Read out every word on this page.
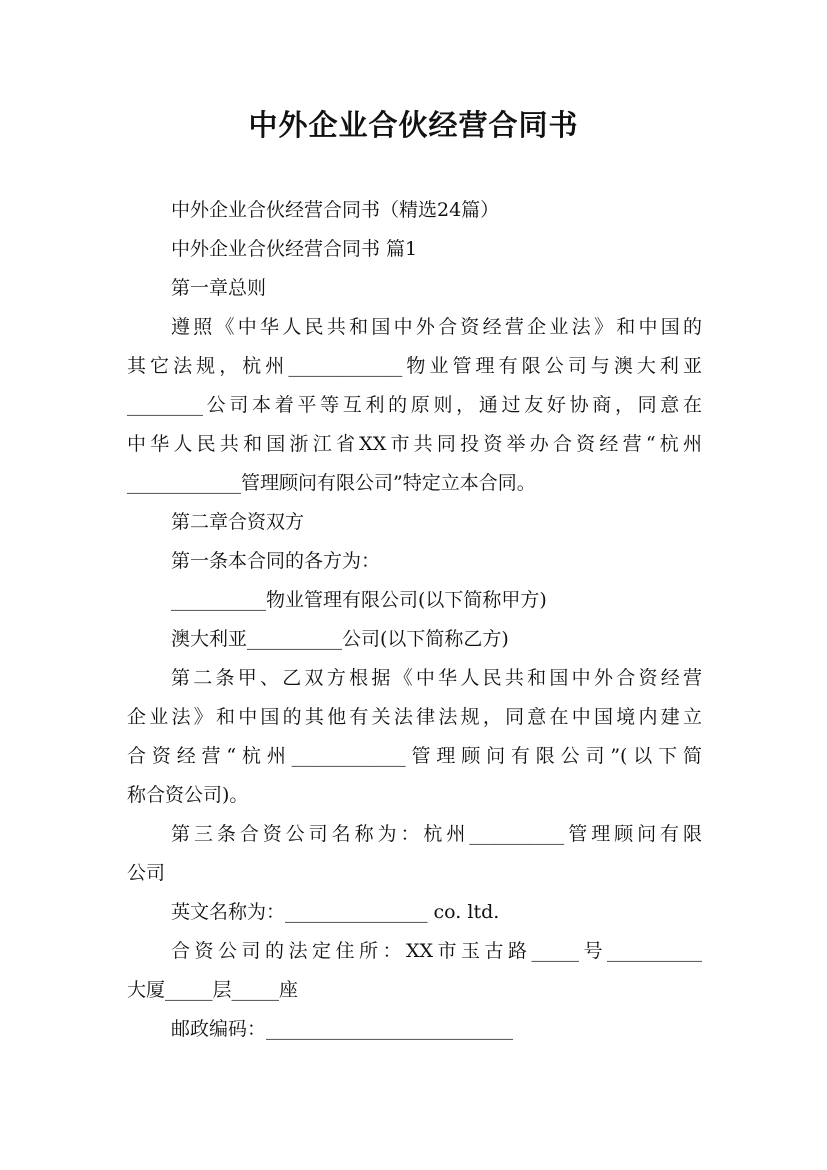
中外企业合伙经营合同书
中外企业合伙经营合同书（精选24篇）
中外企业合伙经营合同书 篇1
第一章总则
遵照《中华人民共和国中外合资经营企业法》和中国的
其它法规，杭州____________物业管理有限公司与澳大利亚
________公司本着平等互利的原则，通过友好协商，同意在
中华人民共和国浙江省XX市共同投资举办合资经营“杭州
____________管理顾问有限公司”特定立本合同。
第二章合资双方
第一条本合同的各方为：
__________物业管理有限公司(以下简称甲方)
澳大利亚__________公司(以下简称乙方)
第二条甲、乙双方根据《中华人民共和国中外合资经营
企业法》和中国的其他有关法律法规，同意在中国境内建立
合资经营“杭州____________管理顾问有限公司”(以下简
称合资公司)。
第三条合资公司名称为：杭州__________管理顾问有限
公司
英文名称为：_______________ co. ltd.
合资公司的法定住所：XX市玉古路_____号__________
大厦_____层_____座
邮政编码：__________________________
